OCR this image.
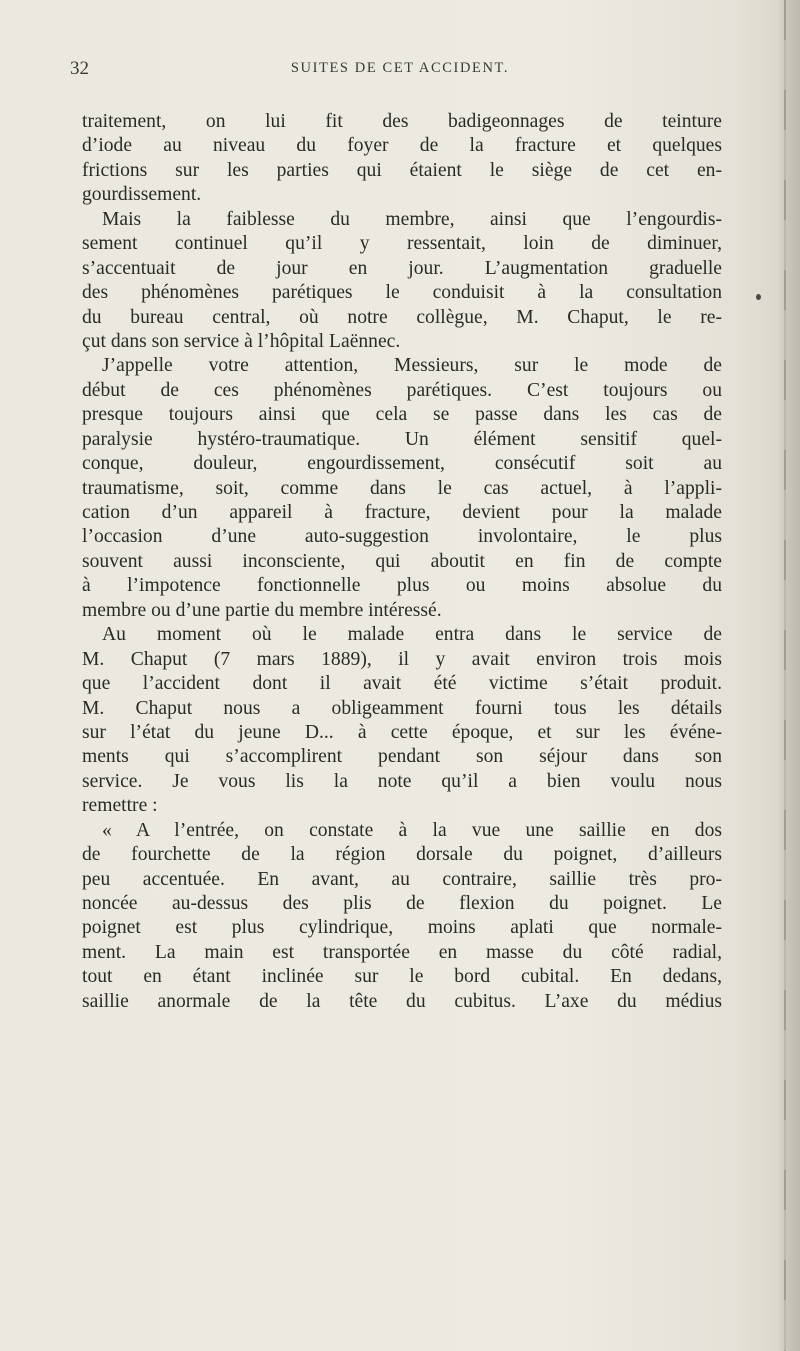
32	SUITES DE CET ACCIDENT.
traitement, on lui fit des badigeonnages de teinture
d’iode au niveau du foyer de la fracture et quelques
frictions sur les parties qui étaient le siège de cet en-
gourdissement.
Mais la faiblesse du membre, ainsi que l’engourdis-
sement continuel qu’il y ressentait, loin de diminuer,
s’accentuait de jour en jour. L’augmentation graduelle
des phénomènes parétiques le conduisit à la consultation
du bureau central, où notre collègue, M. Chaput, le re-
çut dans son service à l’hôpital Laënnec.
J’appelle votre attention, Messieurs, sur le mode de
début de ces phénomènes parétiques. C’est toujours ou
presque toujours ainsi que cela se passe dans les cas de
paralysie hystéro-traumatique. Un élément sensitif quel-
conque, douleur, engourdissement, consécutif soit au
traumatisme, soit, comme dans le cas actuel, à l’appli-
cation d’un appareil à fracture, devient pour la malade
l’occasion d’une auto-suggestion involontaire, le plus
souvent aussi inconsciente, qui aboutit en fin de compte
à l’impotence fonctionnelle plus ou moins absolue du
membre ou d’une partie du membre intéressé.
Au moment où le malade entra dans le service de
M. Chaput (7 mars 1889), il y avait environ trois mois
que l’accident dont il avait été victime s’était produit.
M. Chaput nous a obligeamment fourni tous les détails
sur l’état du jeune D... à cette époque, et sur les événe-
ments qui s’accomplirent pendant son séjour dans son
service. Je vous lis la note qu’il a bien voulu nous
remettre :
« A l’entrée, on constate à la vue une saillie en dos
de fourchette de la région dorsale du poignet, d’ailleurs
peu accentuée. En avant, au contraire, saillie très pro-
noncée au-dessus des plis de flexion du poignet. Le
poignet est plus cylindrique, moins aplati que normale-
ment. La main est transportée en masse du côté radial,
tout en étant inclinée sur le bord cubital. En dedans,
saillie anormale de la tête du cubitus. L’axe du médius
